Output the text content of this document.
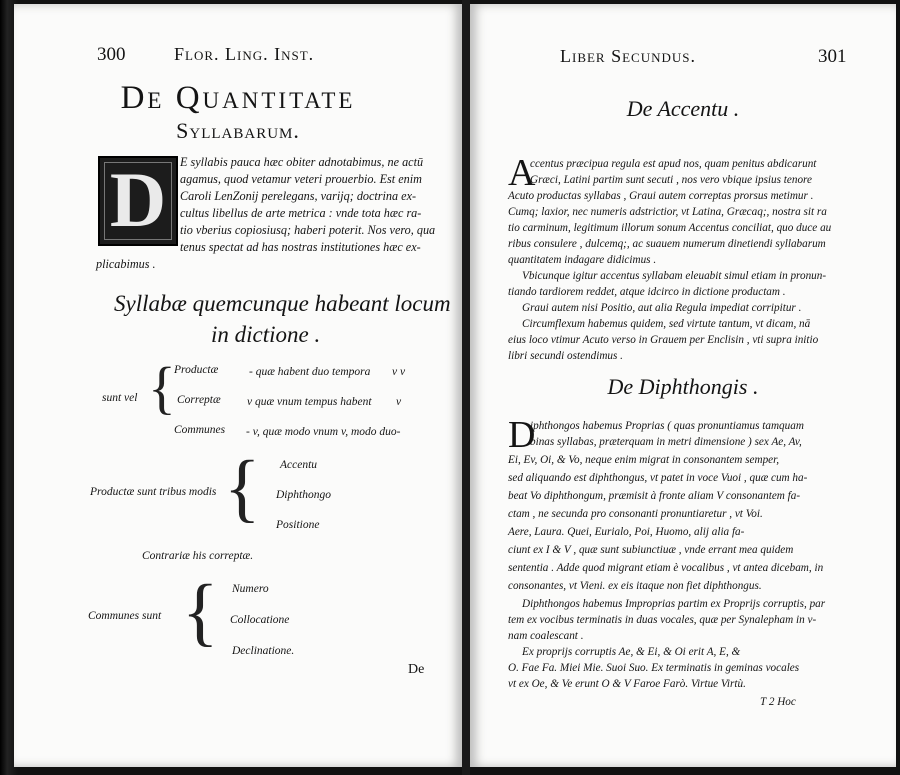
300	Flor. Ling. Inst.
De Quantitate
Syllabarum.
D	E syllabis pauca hæc obiter adnotabimus, ne actū
agamus, quod vetamur veteri prouerbio. Est enim
Caroli LenZonij perelegans, varijq; doctrina ex-
cultus libellus de arte metrica : vnde tota hæc ra-
tio vberius copiosiusq; haberi poterit. Nos vero, qua
tenus spectat ad has nostras institutiones hæc ex-
plicabimus .
Syllabæ quemcunque habeant locum
in dictione .
sunt vel {
Productæ	- quæ habent duo tempora v v
Correptæ v quæ vnum tempus habent v
Communes - v, quæ modo vnum v, modo duo-
Productæ sunt tribus modis { Accentu
Diphthongo
Positione
Contrariæ his correptæ.
Communes sunt { Numero
Collocatione
Declinatione.
De
Liber Secundus.	301
De Accentu .
A
ccentus præcipua regula est apud nos, quam penitus abdicarunt
Græci, Latini partim sunt secuti , nos vero vbique ipsius tenore
Acuto productas syllabas , Graui autem correptas prorsus metimur .
Cumq; laxior, nec numeris adstrictior, vt Latina, Græcaq;, nostra sit ra
tio carminum, legitimum illorum sonum Accentus conciliat, quo duce au
ribus consulere , dulcemq;, ac suauem numerum dinetiendi syllabarum
quantitatem indagare didicimus .
Vbicunque igitur accentus syllabam eleuabit simul etiam in pronun-
tiando tardiorem reddet, atque idcirco in dictione productam .
Graui autem nisi Positio, aut alia Regula impediat corripitur .
Circumflexum habemus quidem, sed virtute tantum, vt dicam, nā
eius loco vtimur Acuto verso in Grauem per Enclisin , vti supra initio
libri secundi ostendimus .
De Diphthongis .
D
iphthongos habemus Proprias ( quas pronuntiamus tamquam
binas syllabas, præterquam in metri dimensione ) sex Ae, Av,
Ei, Ev, Oi, & Vo, neque enim migrat in consonantem semper,
sed aliquando est diphthongus, vt patet in voce Vuoi , quæ cum ha-
beat Vo diphthongum, præmisit à fronte aliam V consonantem fa-
ctam , ne secunda pro consonanti pronuntiaretur , vt Voi.
Aere, Laura. Quei, Eurialo, Poi, Huomo, alij alia fa-
ciunt ex I & V , quæ sunt subiunctiuæ , vnde errant mea quidem
sententia . Adde quod migrant etiam è vocalibus , vt antea dicebam, in
consonantes, vt Vieni. ex eis itaque non fiet diphthongus.
Diphthongos habemus Improprias partim ex Proprijs corruptis, par
tem ex vocibus terminatis in duas vocales, quæ per Synalepham in v-
nam coalescant .
Ex proprijs corruptis Ae, & Ei, & Oi erit A, E, &
O. Fae Fa. Miei Mie. Suoi Suo. Ex terminatis in geminas vocales
vt ex Oe, & Ve erunt O & V Faroe Farò. Virtue Virtù.
T 2 Hoc
